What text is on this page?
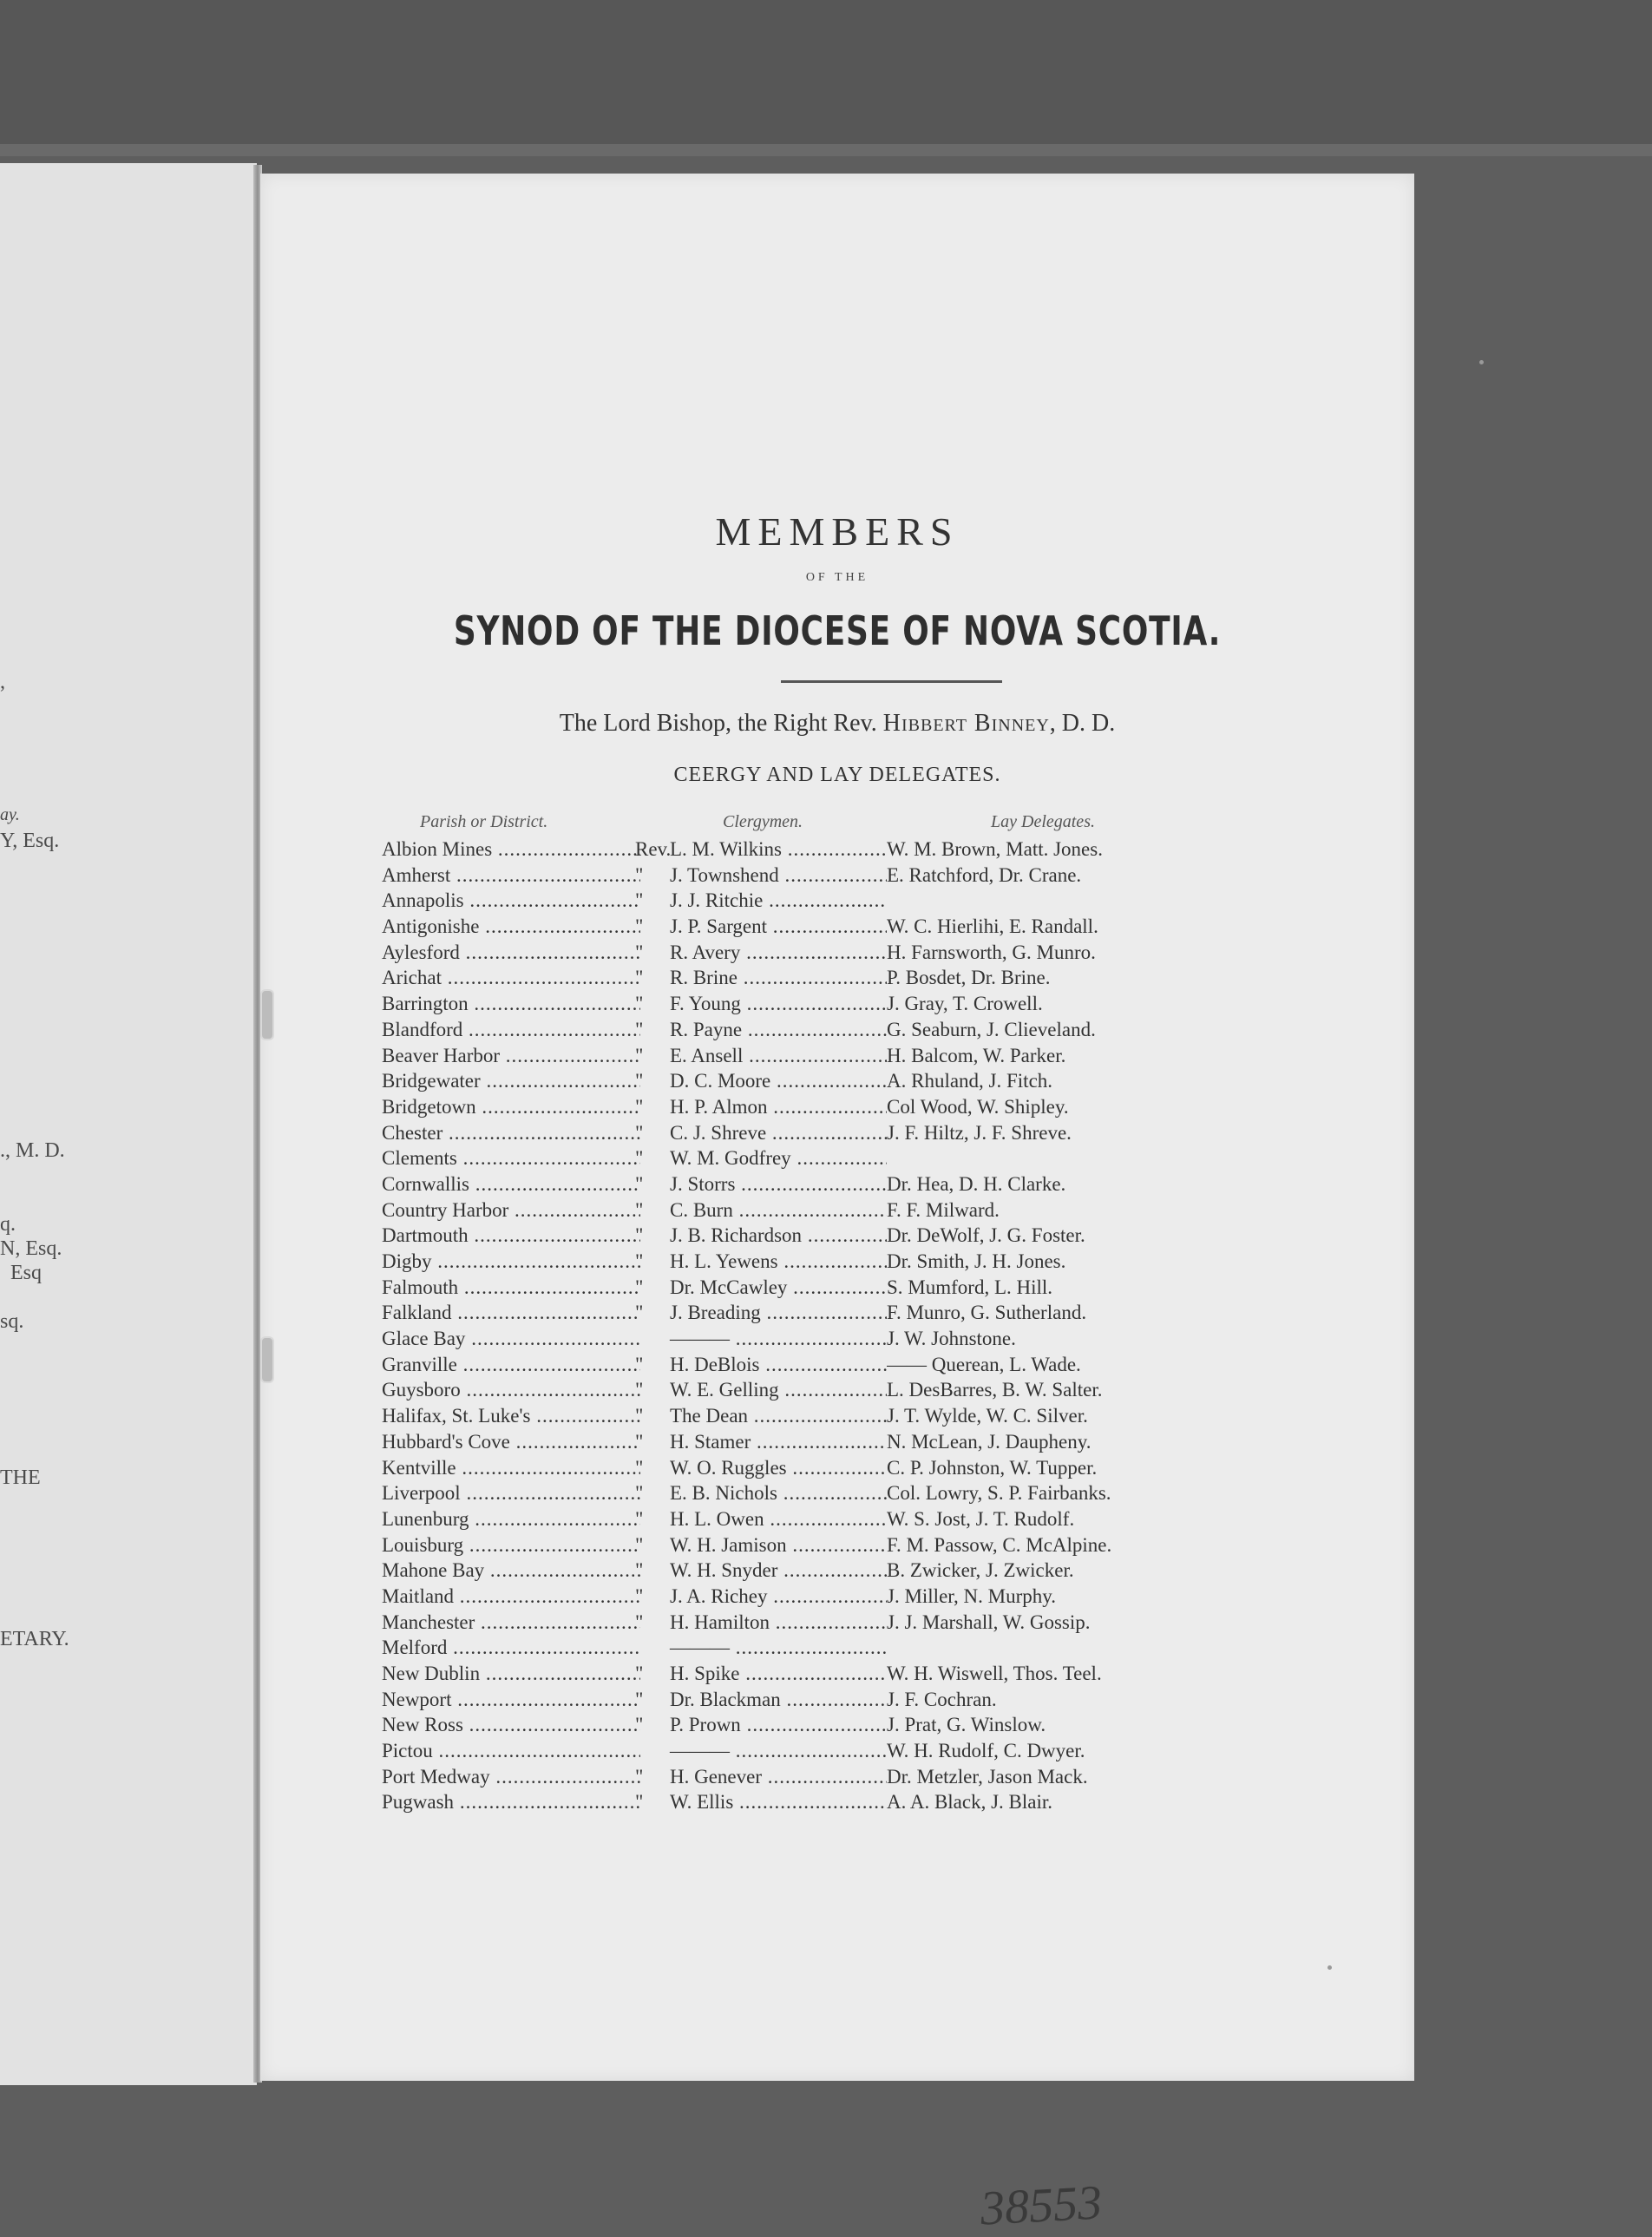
,
ay.
Y, Esq.
., M. D.
q.
N, Esq.
Esq
sq.
THE
ETARY.
MEMBERS
OF THE
SYNOD OF THE DIOCESE OF NOVA SCOTIA.
The Lord Bishop, the Right Rev. Hibbert Binney, D. D.
CEERGY AND LAY DELEGATES.
Parish or District.	Clergymen.	Lay Delegates.
Albion Mines .....	Rev.L. M. Wilkins .....	W. M. Brown, Matt. Jones.
Amherst .....	" J. Townshend .....	E. Ratchford, Dr. Crane.
Annapolis .....	" J. J. Ritchie .....
Antigonishe .....	" J. P. Sargent .....	W. C. Hierlihi, E. Randall.
Aylesford .....	" R. Avery .....	H. Farnsworth, G. Munro.
Arichat .....	" R. Brine .....	P. Bosdet, Dr. Brine.
Barrington .....	" F. Young .....	J. Gray, T. Crowell.
Blandford .....	" R. Payne .....	G. Seaburn, J. Clieveland.
Beaver Harbor .....	" E. Ansell .....	H. Balcom, W. Parker.
Bridgewater .....	" D. C. Moore .....	A. Rhuland, J. Fitch.
Bridgetown .....	" H. P. Almon .....	Col Wood, W. Shipley.
Chester .....	" C. J. Shreve .....	J. F. Hiltz, J. F. Shreve.
Clements .....	" W. M. Godfrey .....
Cornwallis .....	" J. Storrs .....	Dr. Hea, D. H. Clarke.
Country Harbor .....	" C. Burn .....	F. F. Milward.
Dartmouth .....	" J. B. Richardson .....	Dr. DeWolf, J. G. Foster.
Digby .....	" H. L. Yewens .....	Dr. Smith, J. H. Jones.
Falmouth .....	" Dr. McCawley .....	S. Mumford, L. Hill.
Falkland .....	" J. Breading .....	F. Munro, G. Sutherland.
Glace Bay .....	——— .....	J. W. Johnstone.
Granville .....	" H. DeBlois .....	—— Querean, L. Wade.
Guysboro .....	" W. E. Gelling .....	L. DesBarres, B. W. Salter.
Halifax, St. Luke's .....	" The Dean .....	J. T. Wylde, W. C. Silver.
Hubbard's Cove .....	" H. Stamer .....	N. McLean, J. Daupheny.
Kentville .....	" W. O. Ruggles .....	C. P. Johnston, W. Tupper.
Liverpool .....	" E. B. Nichols .....	Col. Lowry, S. P. Fairbanks.
Lunenburg .....	" H. L. Owen .....	W. S. Jost, J. T. Rudolf.
Louisburg .....	" W. H. Jamison .....	F. M. Passow, C. McAlpine.
Mahone Bay .....	" W. H. Snyder .....	B. Zwicker, J. Zwicker.
Maitland .....	" J. A. Richey .....	J. Miller, N. Murphy.
Manchester .....	" H. Hamilton .....	J. J. Marshall, W. Gossip.
Melford .....	——— .....
New Dublin .....	" H. Spike .....	W. H. Wiswell, Thos. Teel.
Newport .....	" Dr. Blackman .....	J. F. Cochran.
New Ross .....	" P. Prown .....	J. Prat, G. Winslow.
Pictou .....	——— .....	W. H. Rudolf, C. Dwyer.
Port Medway .....	" H. Genever .....	Dr. Metzler, Jason Mack.
Pugwash .....	" W. Ellis .....	A. A. Black, J. Blair.
38553
